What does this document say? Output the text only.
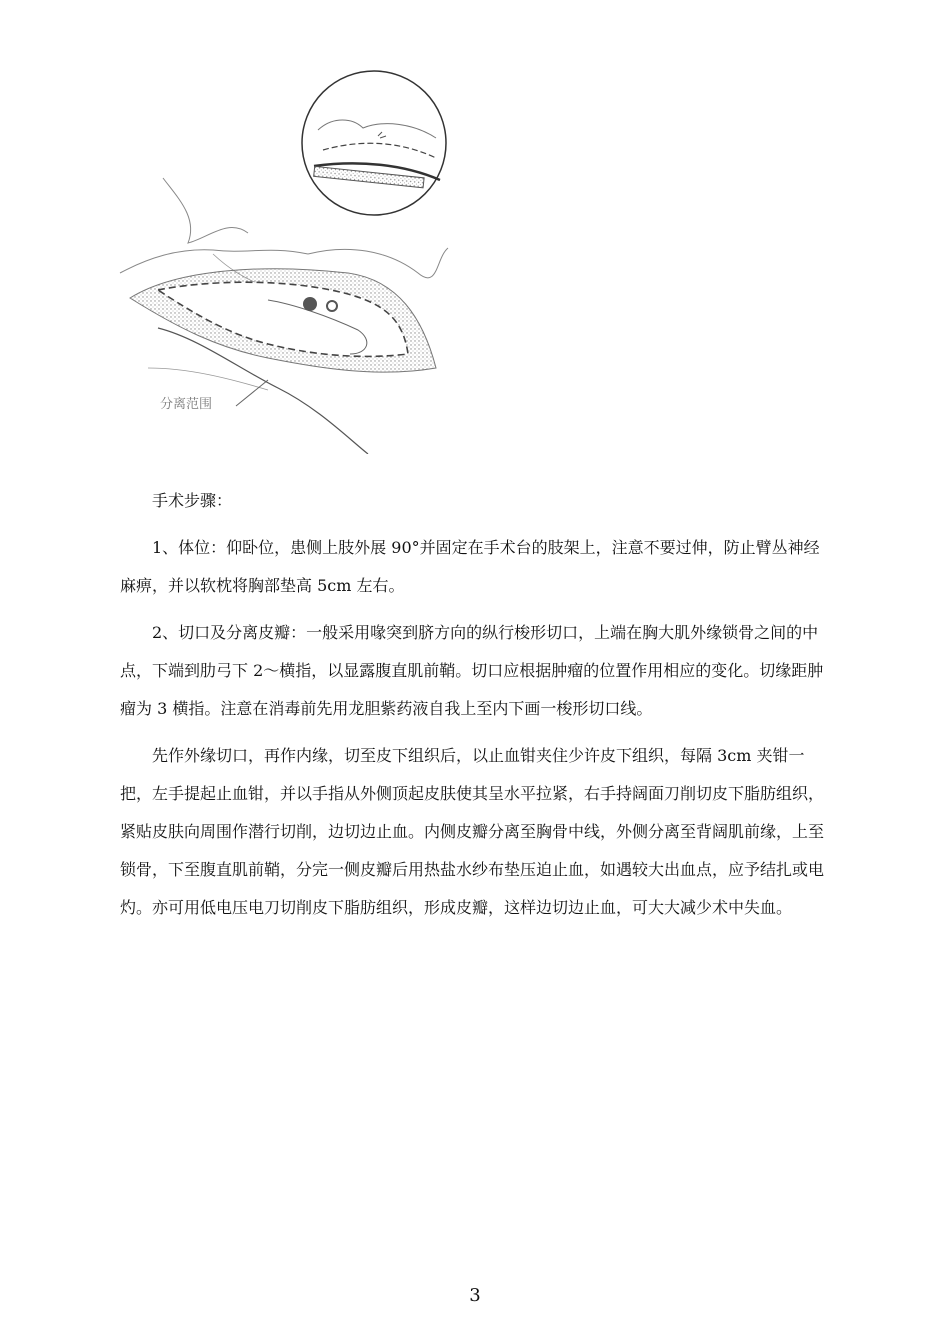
分离范围

手术步骤：

1、体位：仰卧位，患侧上肢外展 90°并固定在手术台的肢架上，注意不要过伸，防止臂丛神经麻痹，并以软枕将胸部垫高 5cm 左右。

2、切口及分离皮瓣：一般采用喙突到脐方向的纵行梭形切口，上端在胸大肌外缘锁骨之间的中点，下端到肋弓下 2～横指，以显露腹直肌前鞘。切口应根据肿瘤的位置作用相应的变化。切缘距肿瘤为 3 横指。注意在消毒前先用龙胆紫药液自我上至内下画一梭形切口线。

先作外缘切口，再作内缘，切至皮下组织后，以止血钳夹住少许皮下组织，每隔 3cm 夹钳一把，左手提起止血钳，并以手指从外侧顶起皮肤使其呈水平拉紧，右手持阔面刀削切皮下脂肪组织，紧贴皮肤向周围作潜行切削，边切边止血。内侧皮瓣分离至胸骨中线，外侧分离至背阔肌前缘，上至锁骨，下至腹直肌前鞘，分完一侧皮瓣后用热盐水纱布垫压迫止血，如遇较大出血点，应予结扎或电灼。亦可用低电压电刀切削皮下脂肪组织，形成皮瓣，这样边切边止血，可大大减少术中失血。

3
